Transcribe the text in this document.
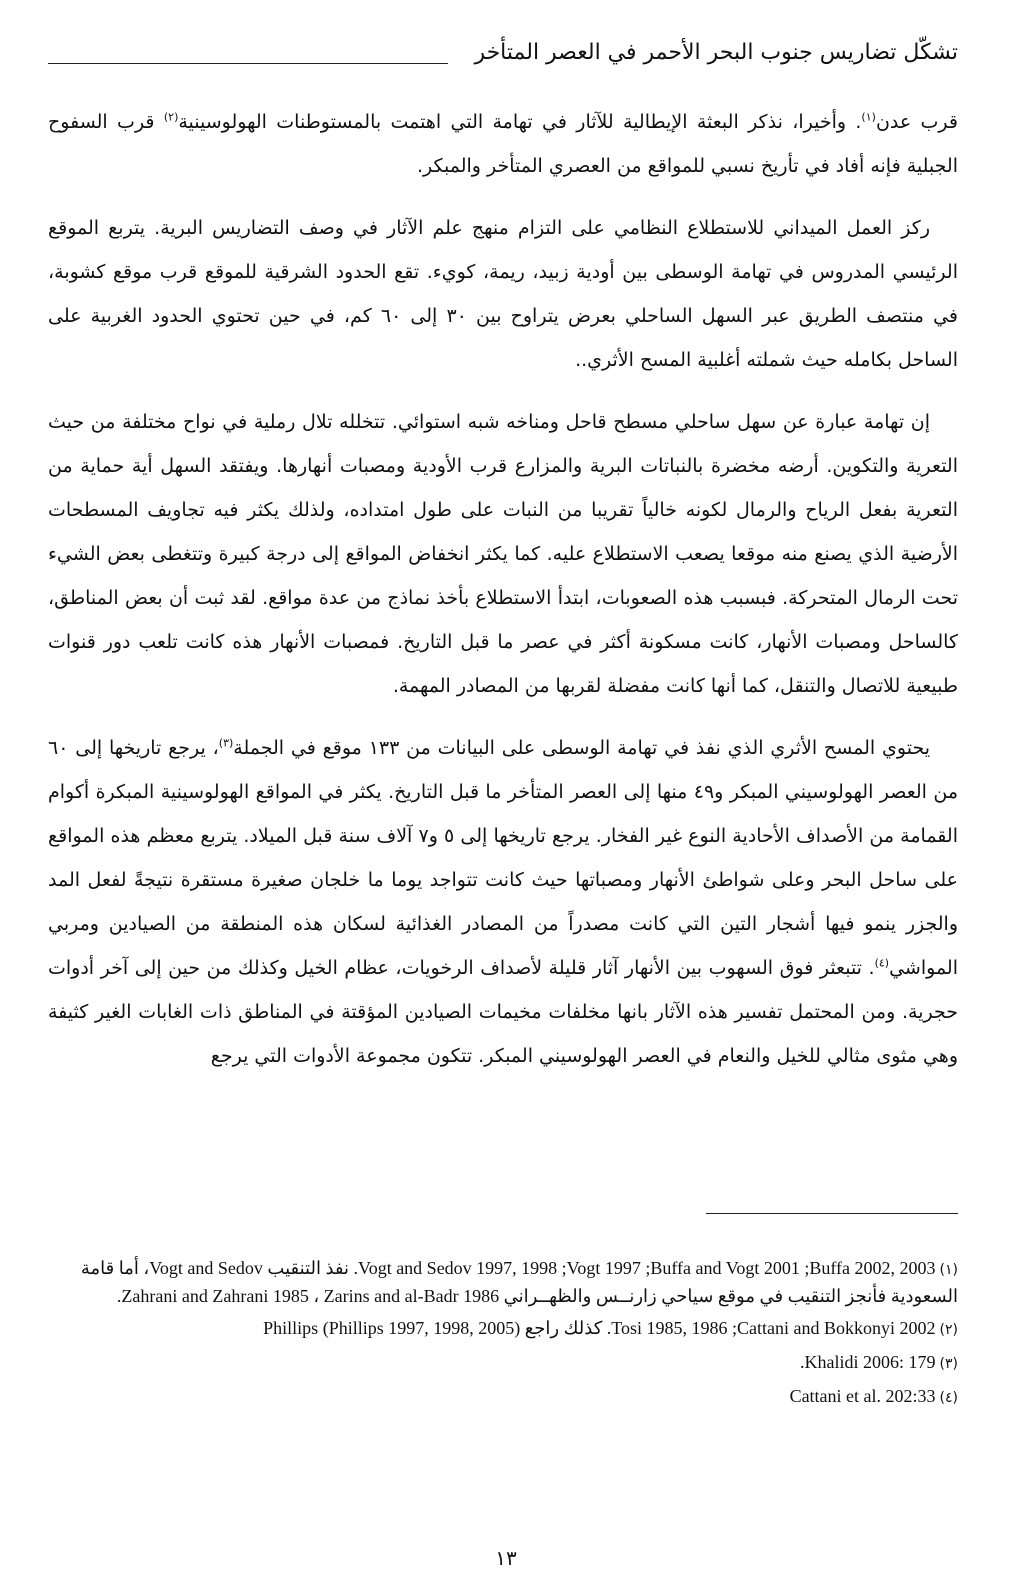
تشكّل تضاريس جنوب البحر الأحمر في العصر المتأخر

قرب عدن$^{(١)}$. وأخيرا، نذكر البعثة الإيطالية للآثار في تهامة التي اهتمت بالمستوطنات الهولوسينية$^{(٢)}$ قرب السفوح الجبلية فإنه أفاد في تأريخ نسبي للمواقع من العصري المتأخر والمبكر.

ركز العمل الميداني للاستطلاع النظامي على التزام منهج علم الآثار في وصف التضاريس البرية. يتربع الموقع الرئيسي المدروس في تهامة الوسطى بين أودية زبيد، ريمة، كويء. تقع الحدود الشرقية للموقع قرب موقع كشوبة، في منتصف الطريق عبر السهل الساحلي بعرض يتراوح بين ٣٠ إلى ٦٠ كم، في حين تحتوي الحدود الغربية على الساحل بكامله حيث شملته أغلبية المسح الأثري..

إن تهامة عبارة عن سهل ساحلي مسطح قاحل ومناخه شبه استوائي. تتخلله تلال رملية في نواح مختلفة من حيث التعرية والتكوين. أرضه مخضرة بالنباتات البرية والمزارع قرب الأودية ومصبات أنهارها. ويفتقد السهل أية حماية من التعرية بفعل الرياح والرمال لكونه خالياً تقريبا من النبات على طول امتداده، ولذلك يكثر فيه تجاويف المسطحات الأرضية الذي يصنع منه موقعا يصعب الاستطلاع عليه. كما يكثر انخفاض المواقع إلى درجة كبيرة وتتغطى بعض الشيء تحت الرمال المتحركة. فبسبب هذه الصعوبات، ابتدأ الاستطلاع بأخذ نماذج من عدة مواقع. لقد ثبت أن بعض المناطق، كالساحل ومصبات الأنهار، كانت مسكونة أكثر في عصر ما قبل التاريخ. فمصبات الأنهار هذه كانت تلعب دور قنوات طبيعية للاتصال والتنقل، كما أنها كانت مفضلة لقربها من المصادر المهمة.

يحتوي المسح الأثري الذي نفذ في تهامة الوسطى على البيانات من ١٣٣ موقع في الجملة$^{(٣)}$، يرجع تاريخها إلى ٦٠ من العصر الهولوسيني المبكر و٤٩ منها إلى العصر المتأخر ما قبل التاريخ. يكثر في المواقع الهولوسينية المبكرة أكوام القمامة من الأصداف الأحادية النوع غير الفخار. يرجع تاريخها إلى ٥ و٧ آلاف سنة قبل الميلاد. يتربع معظم هذه المواقع على ساحل البحر وعلى شواطئ الأنهار ومصباتها حيث كانت تتواجد يوما ما خلجان صغيرة مستقرة نتيجةً لفعل المد والجزر ينمو فيها أشجار التين التي كانت مصدراً من المصادر الغذائية لسكان هذه المنطقة من الصيادين ومربي المواشي$^{(٤)}$. تتبعثر فوق السهوب بين الأنهار آثار قليلة لأصداف الرخويات، عظام الخيل وكذلك من حين إلى آخر أدوات حجرية. ومن المحتمل تفسير هذه الآثار بانها مخلفات مخيمات الصيادين المؤقتة في المناطق ذات الغابات الغير كثيفة وهي مثوى مثالي للخيل والنعام في العصر الهولوسيني المبكر. تتكون مجموعة الأدوات التي يرجع

(١)Vogt and Sedov 1997, 1998 ;Vogt 1997 ;Buffa and Vogt 2001 ;Buffa 2002, 2003. نفذ التنقيب Vogt and Sedov، أما قامة السعودية فأنجز التنقيب في موقع سياحي زارنــس والظهــراني Zahrani and Zahrani 1985 ، Zarins and al-Badr 1986.
(٢)Tosi 1985, 1986 ;Cattani and Bokkonyi 2002. كذلك راجع (Phillips 1997, 1998, 2005) Phillips
(٣)Khalidi 2006: 179.
(٤)Cattani et al. 202:33
١٣
